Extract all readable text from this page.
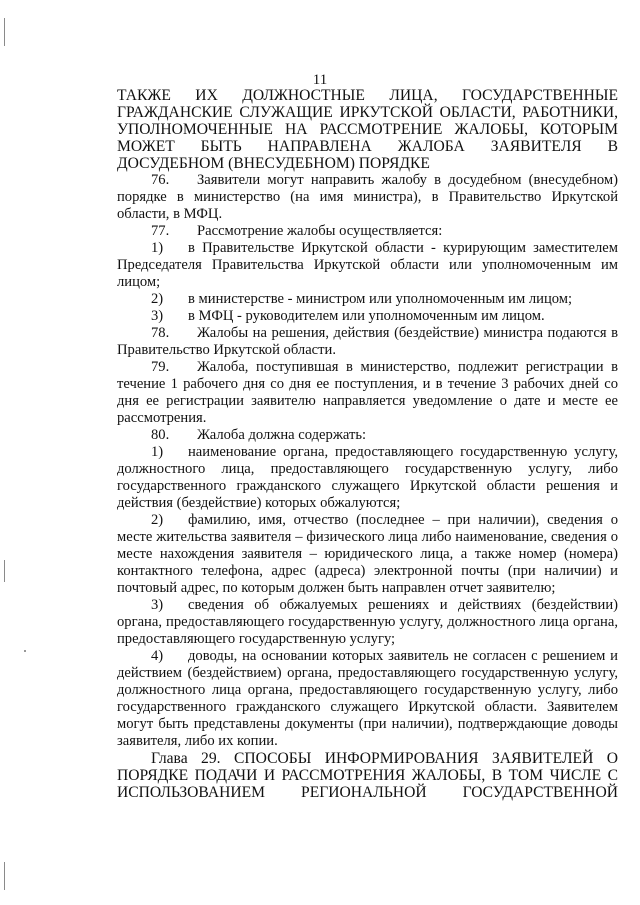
11

ТАКЖЕ ИХ ДОЛЖНОСТНЫЕ ЛИЦА, ГОСУДАРСТВЕННЫЕ ГРАЖДАНСКИЕ СЛУЖАЩИЕ ИРКУТСКОЙ ОБЛАСТИ, РАБОТНИКИ, УПОЛНОМОЧЕННЫЕ НА РАССМОТРЕНИЕ ЖАЛОБЫ, КОТОРЫМ МОЖЕТ БЫТЬ НАПРАВЛЕНА ЖАЛОБА ЗАЯВИТЕЛЯ В ДОСУДЕБНОМ (ВНЕСУДЕБНОМ) ПОРЯДКЕ

76. Заявители могут направить жалобу в досудебном (внесудебном) порядке в министерство (на имя министра), в Правительство Иркутской области, в МФЦ.

77. Рассмотрение жалобы осуществляется:

1) в Правительстве Иркутской области - курирующим заместителем Председателя Правительства Иркутской области или уполномоченным им лицом;

2) в министерстве - министром или уполномоченным им лицом;

3) в МФЦ - руководителем или уполномоченным им лицом.

78. Жалобы на решения, действия (бездействие) министра подаются в Правительство Иркутской области.

79. Жалоба, поступившая в министерство, подлежит регистрации в течение 1 рабочего дня со дня ее поступления, и в течение 3 рабочих дней со дня ее регистрации заявителю направляется уведомление о дате и месте ее рассмотрения.

80. Жалоба должна содержать:

1) наименование органа, предоставляющего государственную услугу, должностного лица, предоставляющего государственную услугу, либо государственного гражданского служащего Иркутской области решения и действия (бездействие) которых обжалуются;

2) фамилию, имя, отчество (последнее – при наличии), сведения о месте жительства заявителя – физического лица либо наименование, сведения о месте нахождения заявителя – юридического лица, а также номер (номера) контактного телефона, адрес (адреса) электронной почты (при наличии) и почтовый адрес, по которым должен быть направлен отчет заявителю;

3) сведения об обжалуемых решениях и действиях (бездействии) органа, предоставляющего государственную услугу, должностного лица органа, предоставляющего государственную услугу;

4) доводы, на основании которых заявитель не согласен с решением и действием (бездействием) органа, предоставляющего государственную услугу, должностного лица органа, предоставляющего государственную услугу, либо государственного гражданского служащего Иркутской области. Заявителем могут быть представлены документы (при наличии), подтверждающие доводы заявителя, либо их копии.

Глава 29. СПОСОБЫ ИНФОРМИРОВАНИЯ ЗАЯВИТЕЛЕЙ О ПОРЯДКЕ ПОДАЧИ И РАССМОТРЕНИЯ ЖАЛОБЫ, В ТОМ ЧИСЛЕ С ИСПОЛЬЗОВАНИЕМ РЕГИОНАЛЬНОЙ ГОСУДАРСТВЕННОЙ
